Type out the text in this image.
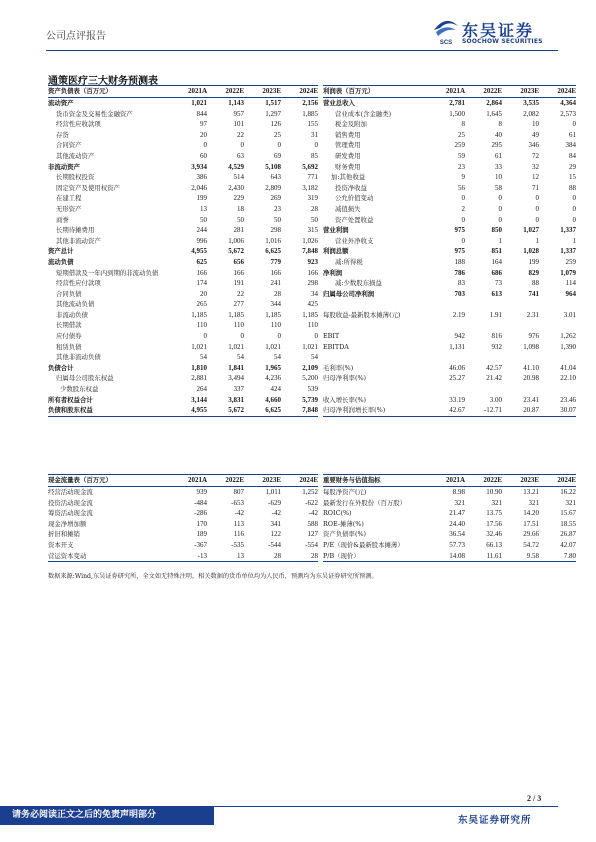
公司点评报告
SCS
东吴证券
SOOCHOW SECURITIES
通策医疗三大财务预测表
资产负债表（百万元）	2021A	2022E	2023E	2024E
流动资产	1,021	1,143	1,517	2,156
货币资金及交易性金融资产	844	957	1,297	1,885
经营性应收款项	97	101	126	155
存货	20	22	25	31
合同资产	0	0	0	0
其他流动资产	60	63	69	85
非流动资产	3,934	4,529	5,108	5,692
长期股权投资	386	514	643	771
固定资产及使用权资产	2,046	2,430	2,809	3,182
在建工程	199	229	269	319
无形资产	13	18	23	28
商誉	50	50	50	50
长期待摊费用	244	281	298	315
其他非流动资产	996	1,006	1,016	1,026
资产总计	4,955	5,672	6,625	7,848
流动负债	625	656	779	923
短期借款及一年内到期的非流动负债	166	166	166	166
经营性应付款项	174	191	241	298
合同负债	20	22	28	34
其他流动负债	265	277	344	425
非流动负债	1,185	1,185	1,185	1,185
长期借款	110	110	110	110
应付债券	0	0	0	0
租赁负债	1,021	1,021	1,021	1,021
其他非流动负债	54	54	54	54
负债合计	1,810	1,841	1,965	2,109
归属母公司股东权益	2,881	3,494	4,236	5,200
少数股东权益	264	337	424	539
所有者权益合计	3,144	3,831	4,660	5,739
负债和股东权益	4,955	5,672	6,625	7,848
利润表（百万元）	2021A	2022E	2023E	2024E
营业总收入	2,781	2,864	3,535	4,364
营业成本(含金融类)	1,500	1,645	2,082	2,573
税金及附加	8	8	10	0
销售费用	25	40	49	61
管理费用	259	295	346	384
研发费用	59	61	72	84
财务费用	23	33	32	29
加:其他收益	9	10	12	15
投资净收益	56	58	71	88
公允价值变动	0	0	0	0
减值损失	2	0	0	0
资产处置收益	0	0	0	0
营业利润	975	850	1,027	1,337
营业外净收支	0	1	1	1
利润总额	975	851	1,028	1,337
减:所得税	188	164	199	259
净利润	786	686	829	1,079
减:少数股东损益	83	73	88	114
归属母公司净利润	703	613	741	964

每股收益-最新股本摊薄(元)	2.19	1.91	2.31	3.01

EBIT	942	816	976	1,262
EBITDA	1,131	932	1,098	1,390

毛利率(%)	46.06	42.57	41.10	41.04
归母净利率(%)	25.27	21.42	20.98	22.10

收入增长率(%)	33.19	3.00	23.41	23.46
归母净利润增长率(%)	42.67	-12.71	20.87	30.07
现金流量表（百万元）	2021A	2022E	2023E	2024E
经营活动现金流	939	807	1,011	1,252
投资活动现金流	-484	-653	-629	-622
筹资活动现金流	-286	-42	-42	-42
现金净增加额	170	113	341	588
折旧和摊销	189	116	122	127
资本开支	-367	-535	-544	-554
营运资本变动	-13	13	28	28
重要财务与估值指标	2021A	2022E	2023E	2024E
每股净资产(元)	8.98	10.90	13.21	16.22
最新发行在外股份（百万股）	321	321	321	321
ROIC(%)	21.47	13.75	14.20	15.67
ROE-摊薄(%)	24.40	17.56	17.51	18.55
资产负债率(%)	36.54	32.46	29.66	26.87
P/E（现价&最新股本摊薄）	57.73	66.13	54.72	42.07
P/B（现价）	14.08	11.61	9.58	7.80
数据来源:Wind,东吴证券研究所，全文如无特殊注明，相关数据的货币单位均为人民币，预测均为东吴证券研究所预测。
2 / 3
请务必阅读正文之后的免责声明部分	东吴证券研究所
